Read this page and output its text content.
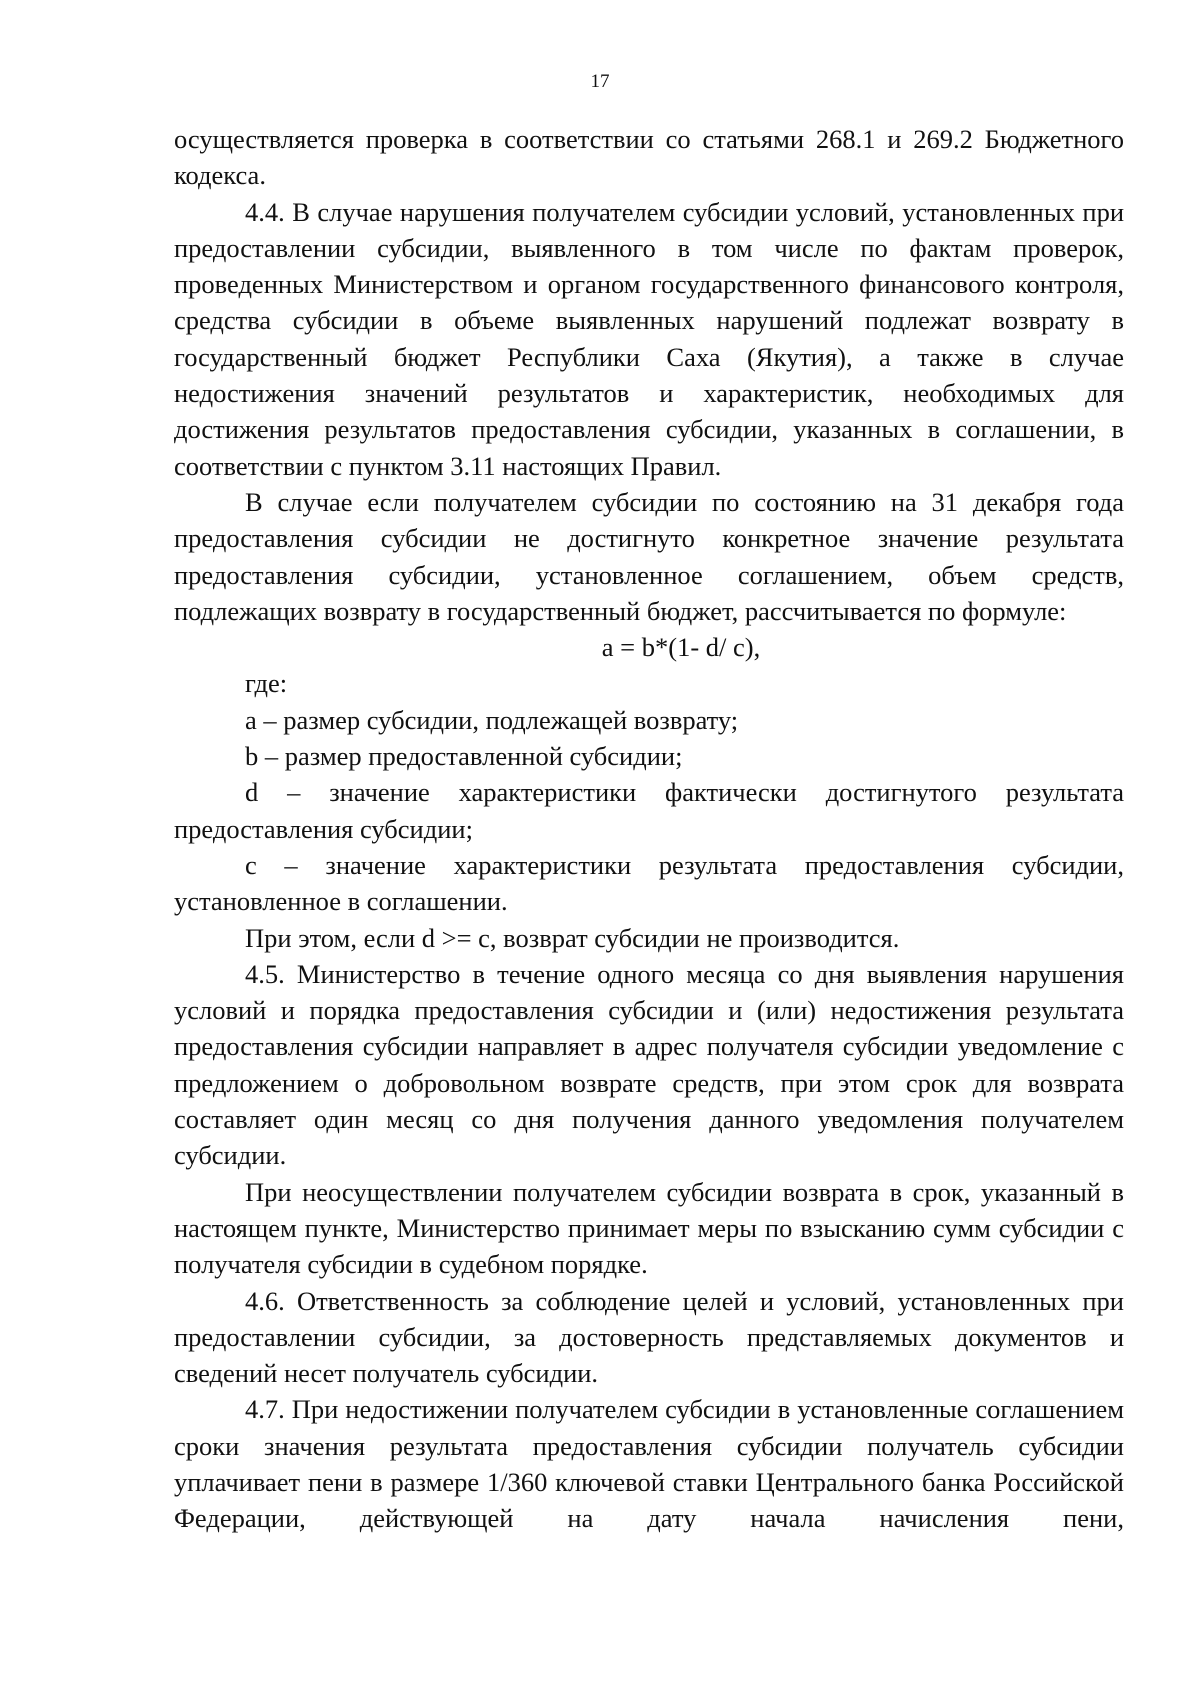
17

осуществляется проверка в соответствии со статьями 268.1 и 269.2 Бюджетного кодекса.

4.4. В случае нарушения получателем субсидии условий, установленных при предоставлении субсидии, выявленного в том числе по фактам проверок, проведенных Министерством и органом государственного финансового контроля, средства субсидии в объеме выявленных нарушений подлежат возврату в государственный бюджет Республики Саха (Якутия), а также в случае недостижения значений результатов и характеристик, необходимых для достижения результатов предоставления субсидии, указанных в соглашении, в соответствии с пунктом 3.11 настоящих Правил.

В случае если получателем субсидии по состоянию на 31 декабря года предоставления субсидии не достигнуто конкретное значение результата предоставления субсидии, установленное соглашением, объем средств, подлежащих возврату в государственный бюджет, рассчитывается по формуле:

a = b*(1- d/ c),

где:

a – размер субсидии, подлежащей возврату;

b – размер предоставленной субсидии;

d – значение характеристики фактически достигнутого результата предоставления субсидии;

c – значение характеристики результата предоставления субсидии, установленное в соглашении.

При этом, если d >= c, возврат субсидии не производится.

4.5. Министерство в течение одного месяца со дня выявления нарушения условий и порядка предоставления субсидии и (или) недостижения результата предоставления субсидии направляет в адрес получателя субсидии уведомление с предложением о добровольном возврате средств, при этом срок для возврата составляет один месяц со дня получения данного уведомления получателем субсидии.

При неосуществлении получателем субсидии возврата в срок, указанный в настоящем пункте, Министерство принимает меры по взысканию сумм субсидии с получателя субсидии в судебном порядке.

4.6. Ответственность за соблюдение целей и условий, установленных при предоставлении субсидии, за достоверность представляемых документов и сведений несет получатель субсидии.

4.7. При недостижении получателем субсидии в установленные соглашением сроки значения результата предоставления субсидии получатель субсидии уплачивает пени в размере 1/360 ключевой ставки Центрального банка Российской Федерации, действующей на дату начала начисления пени,
